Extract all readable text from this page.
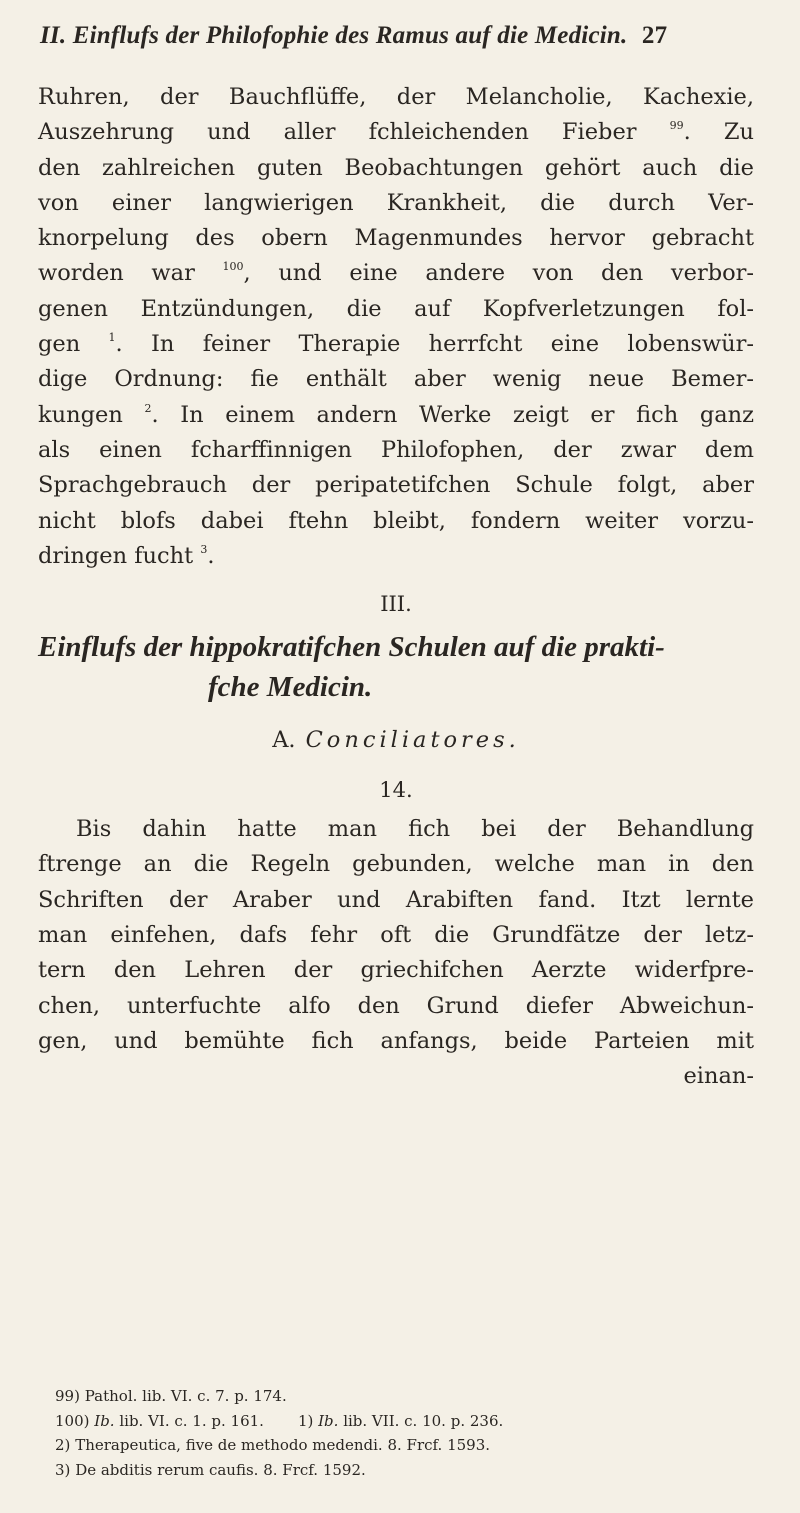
II. Einflufs der Philofophie des Ramus auf die Medicin. 27
Ruhren, der Bauchflüffe, der Melancholie, Kachexie,
Auszehrung und aller fchleichenden Fieber	$^{99}$. Zu
den zahlreichen guten Beobachtungen gehört auch die
von einer langwierigen Krankheit, die durch Ver-
knorpelung des obern Magenmundes hervor gebracht
worden war	$^{100}$, und eine andere von den verbor-
genen Entzündungen, die auf Kopfverletzungen fol-
gen	$^1$. In feiner Therapie herrfcht eine lobenswür-
dige Ordnung: fie enthält aber wenig neue Bemer-
kungen $^2$. In einem andern Werke zeigt er fich ganz
als einen fcharffinnigen Philofophen, der zwar dem
Sprachgebrauch der peripatetifchen Schule folgt, aber
nicht blofs dabei ftehn bleibt, fondern weiter vorzu-
dringen fucht $^3$.
III.
Einflufs der hippokratifchen Schulen auf die prakti-
fche Medicin.
A. Conciliatores.
14.
Bis dahin hatte man fich bei der Behandlung
ftrenge an die Regeln gebunden, welche man in den
Schriften der Araber und Arabiften fand. Itzt lernte
man einfehen, dafs fehr oft die Grundfätze der letz-
tern den Lehren der griechifchen Aerzte widerfpre-
chen, unterfuchte alfo den Grund diefer Abweichun-
gen, und bemühte fich anfangs, beide Parteien mit
einan-
99) Pathol. lib. VI. c. 7. p. 174.
100) Ib. lib. VI. c. 1. p. 161. 1) Ib. lib. VII. c. 10. p. 236.
2) Therapeutica, five de methodo medendi. 8. Frcf. 1593.
3) De abditis rerum caufis. 8. Frcf. 1592.
